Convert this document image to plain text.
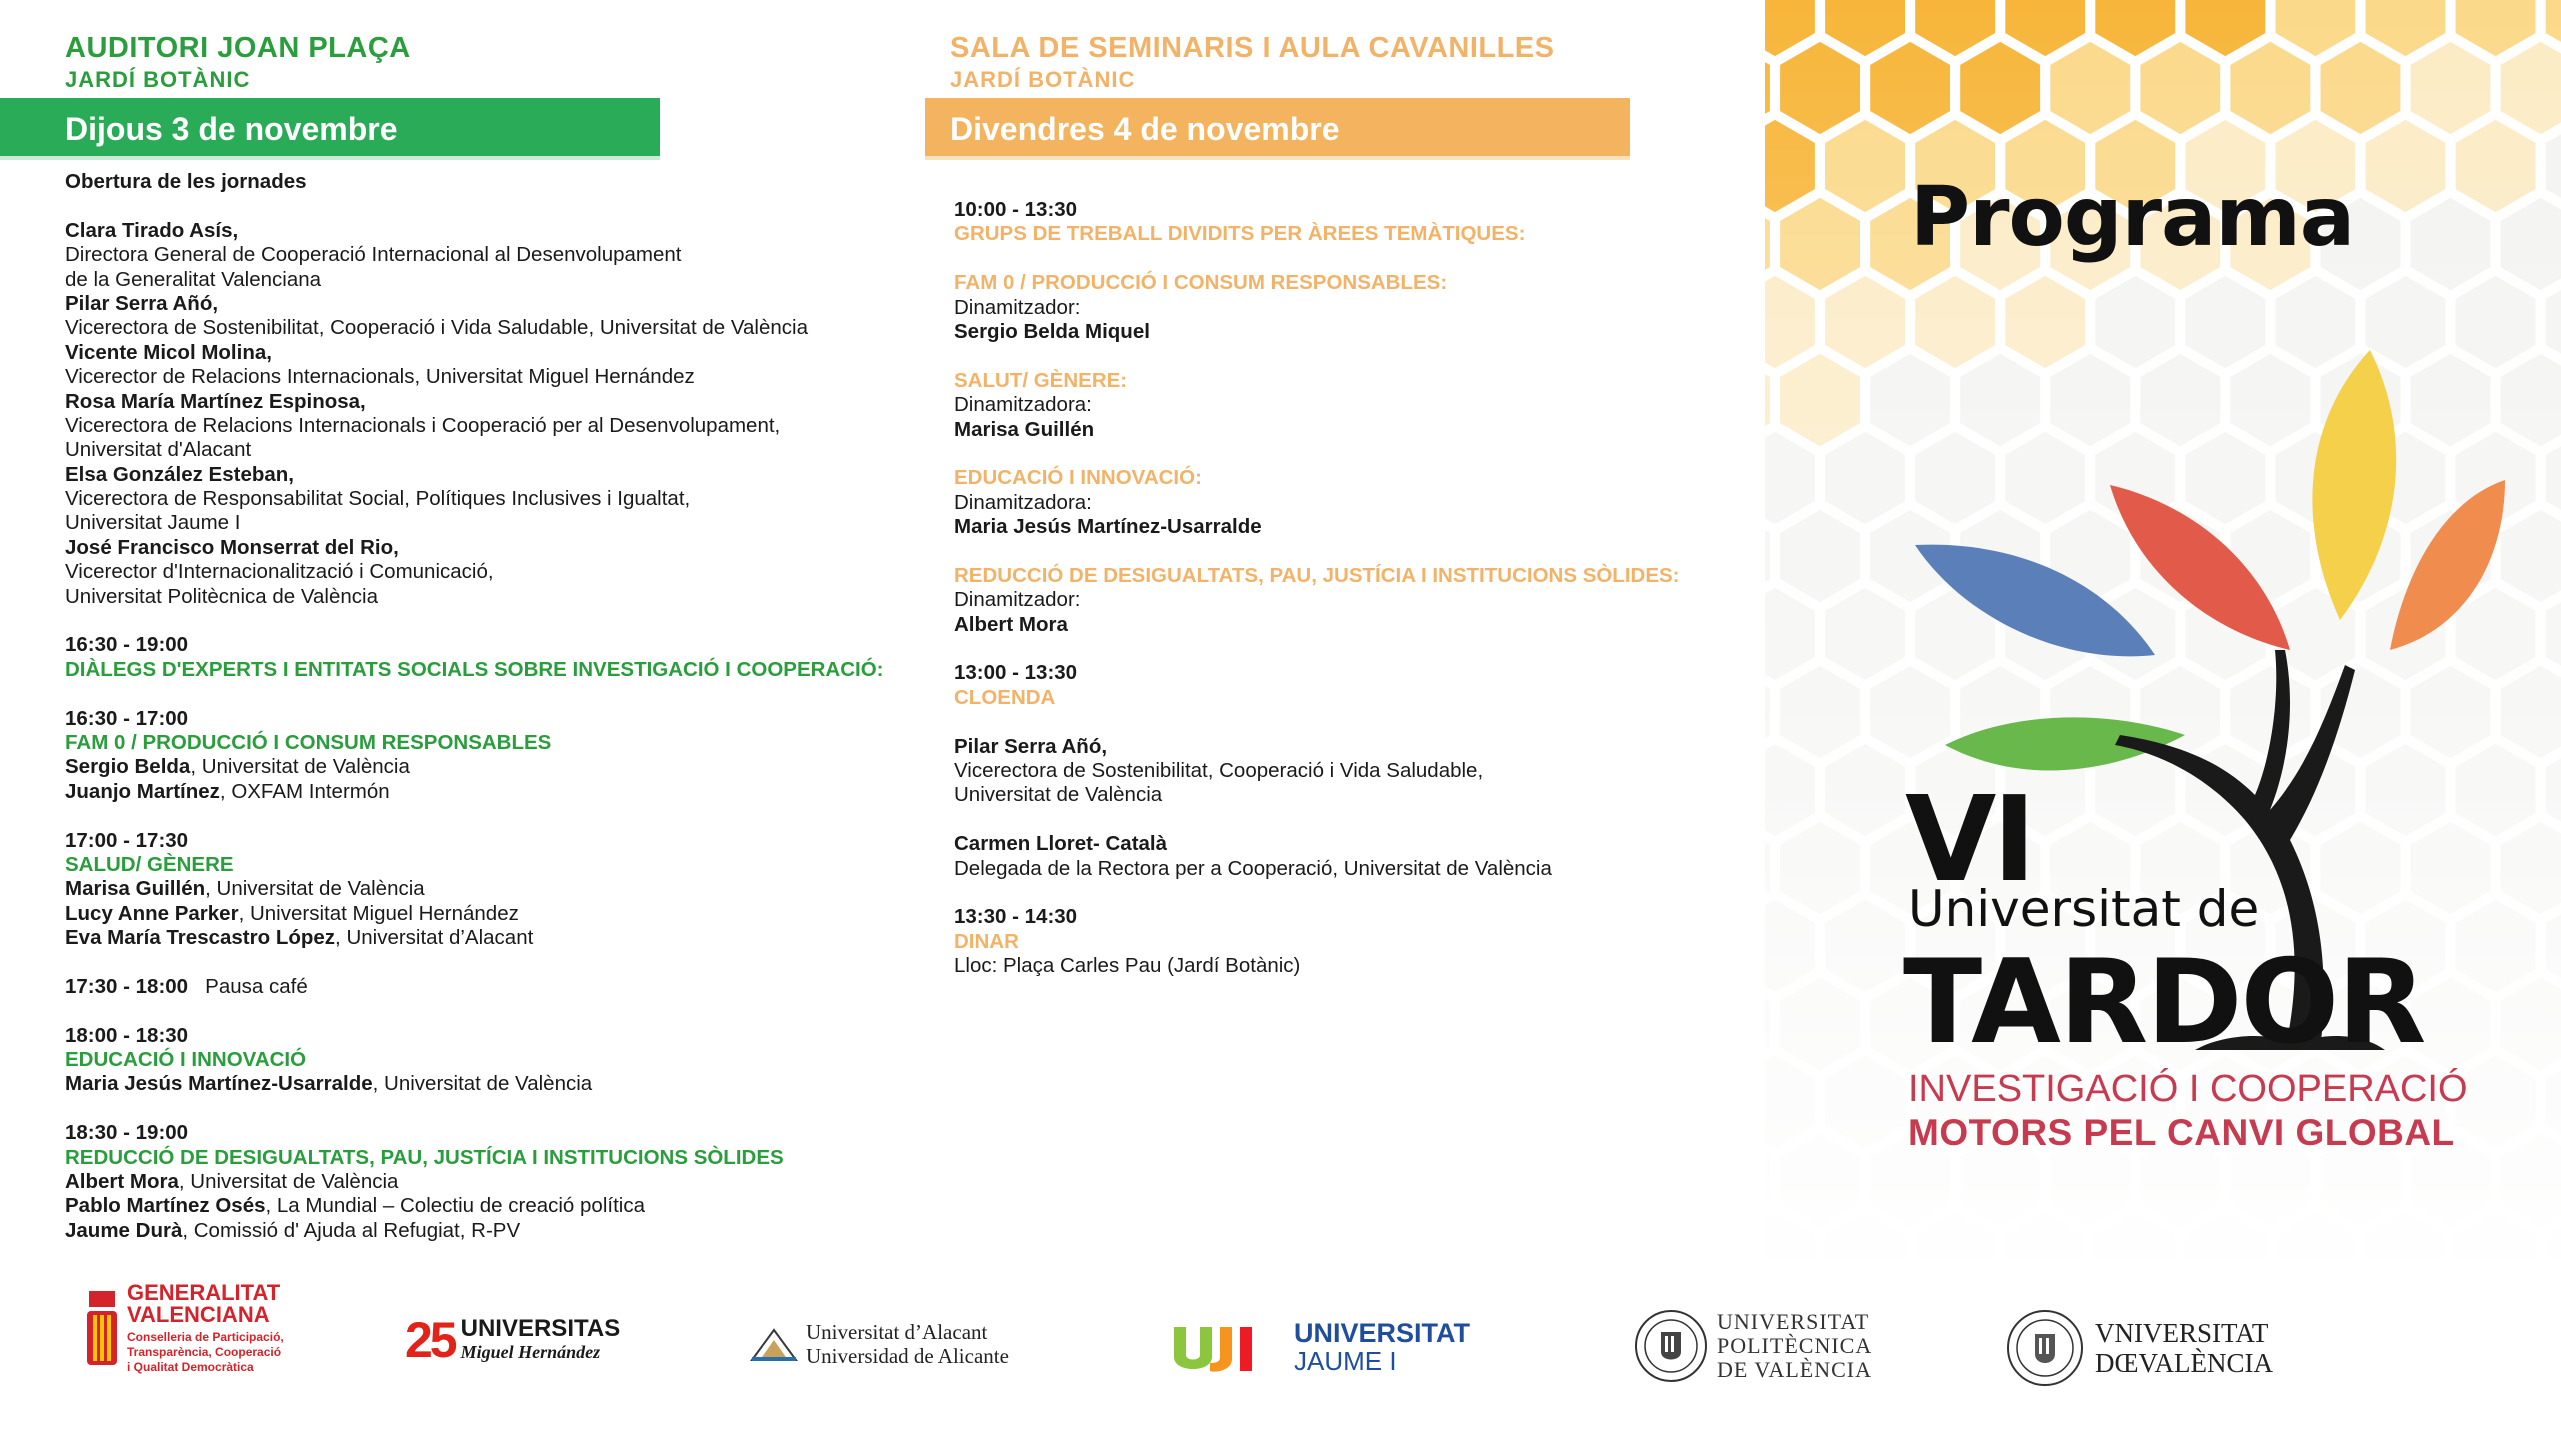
AUDITORI JOAN PLAÇA
JARDÍ BOTÀNIC
Obertura de les jornades
Clara Tirado Asís,
Directora General de Cooperació Internacional al Desenvolupament
de la Generalitat Valenciana
Pilar Serra Añó,
Vicerectora de Sostenibilitat, Cooperació i Vida Saludable, Universitat de València
Vicente Micol Molina,
Vicerector de Relacions Internacionals, Universitat Miguel Hernández
Rosa María Martínez Espinosa,
Vicerectora de Relacions Internacionals i Cooperació per al Desenvolupament,
Universitat d'Alacant
Elsa González Esteban,
Vicerectora de Responsabilitat Social, Polítiques Inclusives i Igualtat,
Universitat Jaume I
José Francisco Monserrat del Rio,
Vicerector d'Internacionalització i Comunicació,
Universitat Politècnica de València
16:30 - 19:00
DIÀLEGS D'EXPERTS I ENTITATS SOCIALS SOBRE INVESTIGACIÓ I COOPERACIÓ:
16:30 - 17:00
FAM 0 / PRODUCCIÓ I CONSUM RESPONSABLES
Sergio Belda, Universitat de València
Juanjo Martínez, OXFAM Intermón
17:00 - 17:30
SALUD/ GÈNERE
Marisa Guillén, Universitat de València
Lucy Anne Parker, Universitat Miguel Hernández
Eva María Trescastro López, Universitat d’Alacant
17:30 - 18:00   Pausa café
18:00 - 18:30
EDUCACIÓ I INNOVACIÓ
Maria Jesús Martínez-Usarralde, Universitat de València
18:30 - 19:00
REDUCCIÓ DE DESIGUALTATS, PAU, JUSTÍCIA I INSTITUCIONS SÒLIDES
Albert Mora, Universitat de València
Pablo Martínez Osés, La Mundial – Colectiu de creació política
Jaume Durà, Comissió d' Ajuda al Refugiat, R-PV
Dijous 3 de novembre
SALA DE SEMINARIS I AULA CAVANILLES
JARDÍ BOTÀNIC
10:00 - 13:30
GRUPS DE TREBALL DIVIDITS PER ÀREES TEMÀTIQUES:
FAM 0 / PRODUCCIÓ I CONSUM RESPONSABLES:
Dinamitzador:
Sergio Belda Miquel
SALUT/ GÈNERE:
Dinamitzadora:
Marisa Guillén
EDUCACIÓ I INNOVACIÓ:
Dinamitzadora:
Maria Jesús Martínez-Usarralde
REDUCCIÓ DE DESIGUALTATS, PAU, JUSTÍCIA I INSTITUCIONS SÒLIDES:
Dinamitzador:
Albert Mora
13:00 - 13:30
CLOENDA
Pilar Serra Añó,
Vicerectora de Sostenibilitat, Cooperació i Vida Saludable,
Universitat de València
Carmen Lloret- Català
Delegada de la Rectora per a Cooperació, Universitat de València
13:30 - 14:30
DINAR
Lloc: Plaça Carles Pau (Jardí Botànic)
Divendres 4 de novembre
Programa
VI
Universitat de
TARDOR
INVESTIGACIÓ I COOPERACIÓ
MOTORS PEL CANVI GLOBAL
GENERALITAT
VALENCIANA
Conselleria de Participació,
Transparència, Cooperació
i Qualitat Democràtica	25 UNIVERSITAS
Miguel Hernández
Universitat d’Alacant
Universidad de Alicante
UNIVERSITAT
JAUME I
UNIVERSITAT
POLITÈCNICA
DE VALÈNCIA
VNIVERSITAT
DŒVALÈNCIA
